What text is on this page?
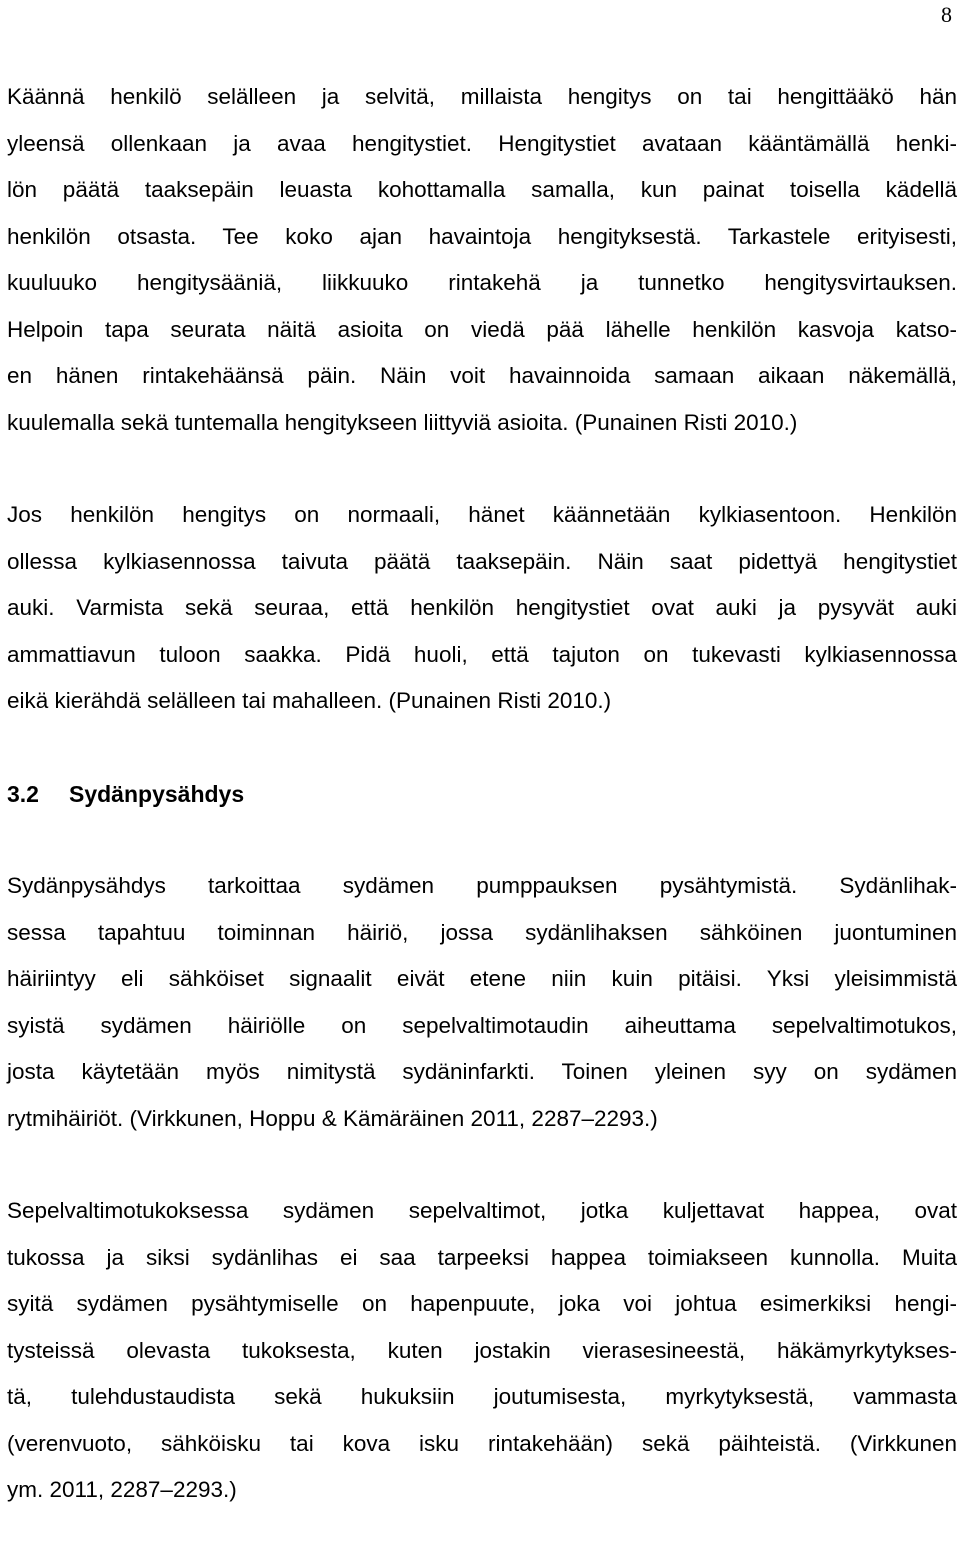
8

Käännä henkilö selälleen ja selvitä, millaista hengitys on tai hengittääkö hän
yleensä ollenkaan ja avaa hengitystiet. Hengitystiet avataan kääntämällä henki-
lön päätä taaksepäin leuasta kohottamalla samalla, kun painat toisella kädellä
henkilön otsasta. Tee koko ajan havaintoja hengityksestä. Tarkastele erityisesti,
kuuluuko hengitysääniä, liikkuuko rintakehä ja tunnetko hengitysvirtauksen.
Helpoin tapa seurata näitä asioita on viedä pää lähelle henkilön kasvoja katso-
en hänen rintakehäänsä päin. Näin voit havainnoida samaan aikaan näkemällä,
kuulemalla sekä tuntemalla hengitykseen liittyviä asioita. (Punainen Risti 2010.)

Jos henkilön hengitys on normaali, hänet käännetään kylkiasentoon. Henkilön
ollessa kylkiasennossa taivuta päätä taaksepäin. Näin saat pidettyä hengitystiet
auki. Varmista sekä seuraa, että henkilön hengitystiet ovat auki ja pysyvät auki
ammattiavun tuloon saakka. Pidä huoli, että tajuton on tukevasti kylkiasennossa
eikä kierähdä selälleen tai mahalleen. (Punainen Risti 2010.)

3.2 Sydänpysähdys

Sydänpysähdys tarkoittaa sydämen pumppauksen pysähtymistä. Sydänlihak-
sessa tapahtuu toiminnan häiriö, jossa sydänlihaksen sähköinen juontuminen
häiriintyy eli sähköiset signaalit eivät etene niin kuin pitäisi. Yksi yleisimmistä
syistä sydämen häiriölle on sepelvaltimotaudin aiheuttama sepelvaltimotukos,
josta käytetään myös nimitystä sydäninfarkti. Toinen yleinen syy on sydämen
rytmihäiriöt. (Virkkunen, Hoppu & Kämäräinen 2011, 2287–2293.)

Sepelvaltimotukoksessa sydämen sepelvaltimot, jotka kuljettavat happea, ovat
tukossa ja siksi sydänlihas ei saa tarpeeksi happea toimiakseen kunnolla. Muita
syitä sydämen pysähtymiselle on hapenpuute, joka voi johtua esimerkiksi hengi-
tysteissä olevasta tukoksesta, kuten jostakin vierasesineestä, häkämyrkytykses-
tä, tulehdustaudista sekä hukuksiin joutumisesta, myrkytyksestä, vammasta
(verenvuoto, sähköisku tai kova isku rintakehään) sekä päihteistä. (Virkkunen
ym. 2011, 2287–2293.)
